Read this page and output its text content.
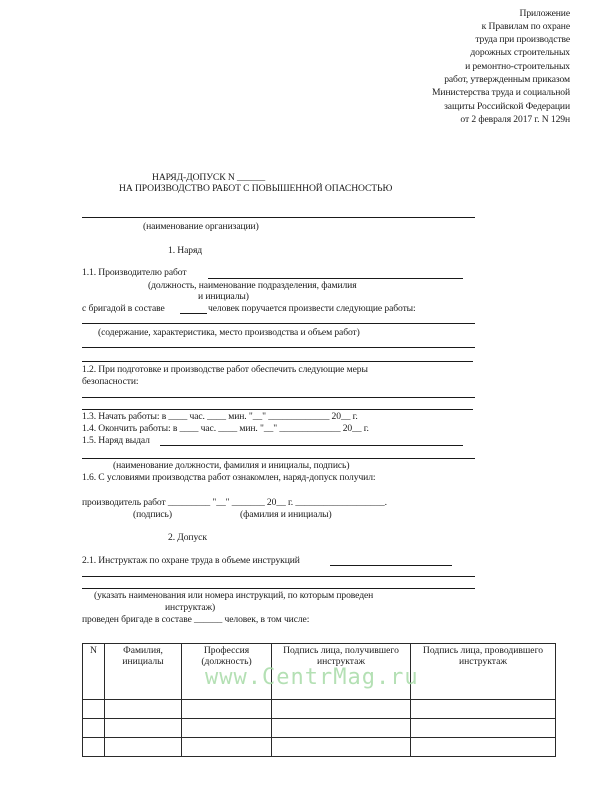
Приложение
к Правилам по охране
труда при производстве
дорожных строительных
и ремонтно-строительных
работ, утвержденным приказом
Министерства труда и социальной
защиты Российской Федерации
от 2 февраля 2017 г. N 129н
НАРЯД-ДОПУСК N ______
НА ПРОИЗВОДСТВО РАБОТ С ПОВЫШЕННОЙ ОПАСНОСТЬЮ
(наименование организации)
1. Наряд
1.1. Производителю работ
(должность, наименование подразделения, фамилия
и инициалы)
с бригадой в составе	человек поручается произвести следующие работы:
(содержание, характеристика, место производства и объем работ)
1.2. При подготовке и производстве работ обеспечить следующие меры
безопасности:
1.3. Начать работы: в ____ час. ____ мин. "__" _____________ 20__ г.
1.4. Окончить работы: в ____ час. ____ мин. "__" _____________ 20__ г.
1.5. Наряд выдал
(наименование должности, фамилия и инициалы, подпись)
1.6. С условиями производства работ ознакомлен, наряд-допуск получил:
производитель работ _________ "__" _______ 20__ г. ___________________.
(подпись)	(фамилия и инициалы)
2. Допуск
2.1. Инструктаж по охране труда в объеме инструкций
(указать наименования или номера инструкций, по которым проведен
инструктаж)
проведен бригаде в составе ______ человек, в том числе:
N	Фамилия, инициалы	Профессия (должность)	Подпись лица, получившего инструктаж	Подпись лица, проводившего инструктаж

www.CentrMag.ru
